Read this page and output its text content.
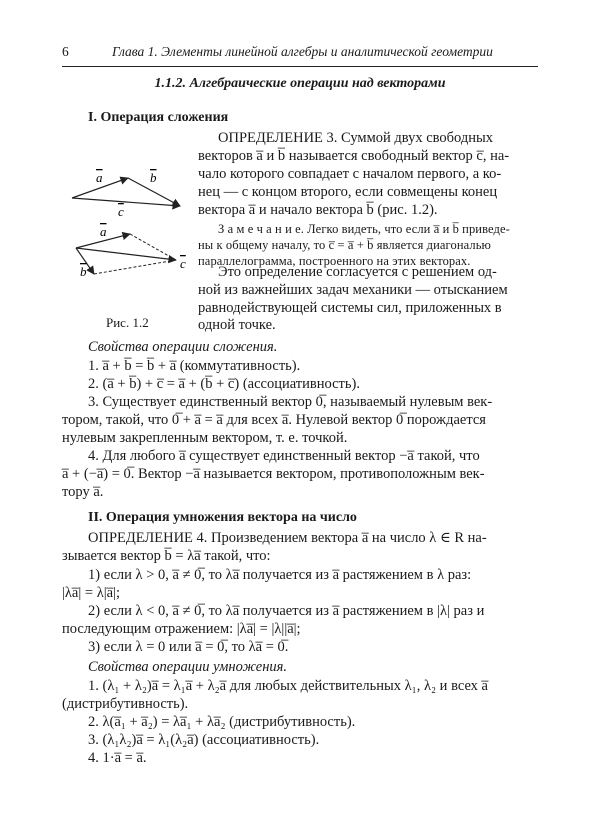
6	Глава 1. Элементы линейной алгебры и аналитической геометрии
1.1.2. Алгебраические операции над векторами
I. Операция сложения

ОПРЕДЕЛЕНИЕ 3. Суммой двух свободных

векторов a̅ и b̅ называется свободный вектор c̅, на-

чало которого совпадает с началом первого, а ко-

нец — с концом второго, если совмещены конец

вектора a̅ и начало вектора b̅ (рис. 1.2).

З а м е ч а н и е. Легко видеть, что если a̅ и b̅ приведе-

ны к общему началу, то c̅ = a̅ + b̅ является диагональю

параллелограмма, построенного на этих векторах.

Это определение согласуется с решением од-

ной из важнейших задач механики — отысканием

равнодействующей системы сил, приложенных в

одной точке.

a	b
c
a
b
c
Рис. 1.2

Свойства операции сложения.

1. a̅ + b̅ = b̅ + a̅ (коммутативность).

2. (a̅ + b̅) + c̅ = a̅ + (b̅ + c̅) (ассоциативность).

3. Существует единственный вектор 0̅, называемый нулевым век-

тором, такой, что 0̅ + a̅ = a̅ для всех a̅. Нулевой вектор 0̅ порождается

нулевым закрепленным вектором, т. е. точкой.

4. Для любого a̅ существует единственный вектор −a̅ такой, что

a̅ + (−a̅) = 0̅. Вектор −a̅ называется вектором, противоположным век-

тору a̅.

II. Операция умножения вектора на число

ОПРЕДЕЛЕНИЕ 4. Произведением вектора a̅ на число λ ∈ R на-

зывается вектор b̅ = λa̅ такой, что:

1) если λ > 0, a̅ ≠ 0̅, то λa̅ получается из a̅ растяжением в λ раз:

|λa̅| = λ|a̅|;

2) если λ < 0, a̅ ≠ 0̅, то λa̅ получается из a̅ растяжением в |λ| раз и

последующим отражением: |λa̅| = |λ||a̅|;

3) если λ = 0 или a̅ = 0̅, то λa̅ = 0̅.

Свойства операции умножения.

1. (λ₁ + λ₂)a̅ = λ₁a̅ + λ₂a̅ для любых действительных λ₁, λ₂ и всех a̅

(дистрибутивность).

2. λ(a̅₁ + a̅₂) = λa̅₁ + λa̅₂ (дистрибутивность).

3. (λ₁λ₂)a̅ = λ₁(λ₂a̅) (ассоциативность).

4. 1·a̅ = a̅.
